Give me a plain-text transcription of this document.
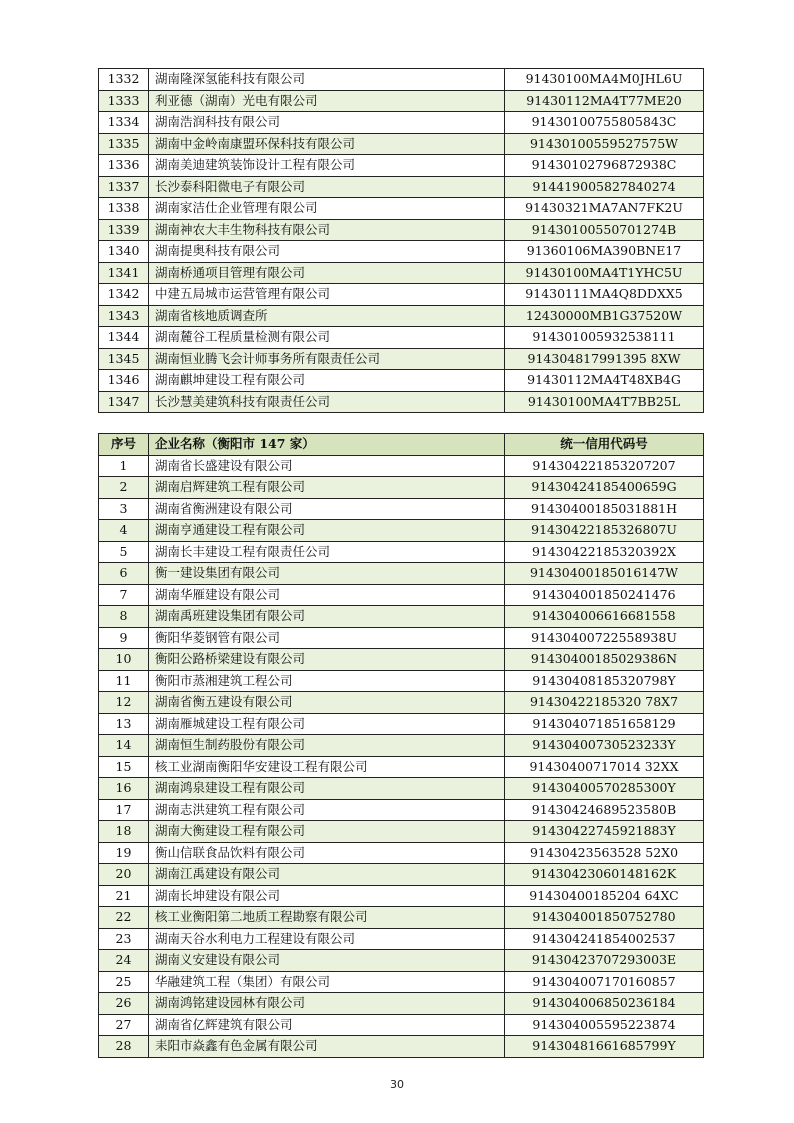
1332	湖南隆深氢能科技有限公司	91430100MA4M0JHL6U
1333	利亚德（湖南）光电有限公司	91430112MA4T77ME20
1334	湖南浩润科技有限公司	91430100755805843C
1335	湖南中金岭南康盟环保科技有限公司	91430100559527575W
1336	湖南美迪建筑装饰设计工程有限公司	91430102796872938C
1337	长沙泰科阳微电子有限公司	914419005827840274
1338	湖南家洁仕企业管理有限公司	91430321MA7AN7FK2U
1339	湖南神农大丰生物科技有限公司	91430100550701274B
1340	湖南提奥科技有限公司	91360106MA390BNE17
1341	湖南桥通项目管理有限公司	91430100MA4T1YHC5U
1342	中建五局城市运营管理有限公司	91430111MA4Q8DDXX5
1343	湖南省核地质调查所	12430000MB1G37520W
1344	湖南麓谷工程质量检测有限公司	914301005932538111
1345	湖南恒业腾飞会计师事务所有限责任公司	914304817991395 8XW
1346	湖南麒坤建设工程有限公司	91430112MA4T48XB4G
1347	长沙慧美建筑科技有限责任公司	91430100MA4T7BB25L
序号	企业名称（衡阳市 147 家）	统一信用代码号
1	湖南省长盛建设有限公司	914304221853207207
2	湖南启辉建筑工程有限公司	91430424185400659G
3	湖南省衡洲建设有限公司	91430400185031881H
4	湖南亨通建设工程有限公司	91430422185326807U
5	湖南长丰建设工程有限责任公司	91430422185320392X
6	衡一建设集团有限公司	91430400185016147W
7	湖南华雁建设有限公司	914304001850241476
8	湖南禹班建设集团有限公司	914304006616681558
9	衡阳华菱钢管有限公司	91430400722558938U
10	衡阳公路桥梁建设有限公司	91430400185029386N
11	衡阳市蒸湘建筑工程公司	91430408185320798Y
12	湖南省衡五建设有限公司	91430422185320 78X7
13	湖南雁城建设工程有限公司	914304071851658129
14	湖南恒生制药股份有限公司	91430400730523233Y
15	核工业湖南衡阳华安建设工程有限公司	91430400717014 32XX
16	湖南鸿泉建设工程有限公司	91430400570285300Y
17	湖南志洪建筑工程有限公司	91430424689523580B
18	湖南大衡建设工程有限公司	91430422745921883Y
19	衡山信联食品饮料有限公司	91430423563528 52X0
20	湖南江禹建设有限公司	91430423060148162K
21	湖南长坤建设有限公司	91430400185204 64XC
22	核工业衡阳第二地质工程勘察有限公司	914304001850752780
23	湖南天谷水利电力工程建设有限公司	914304241854002537
24	湖南义安建设有限公司	91430423707293003E
25	华融建筑工程（集团）有限公司	914304007170160857
26	湖南鸿铭建设园林有限公司	914304006850236184
27	湖南省亿辉建筑有限公司	914304005595223874
28	耒阳市焱鑫有色金属有限公司	91430481661685799Y
30
